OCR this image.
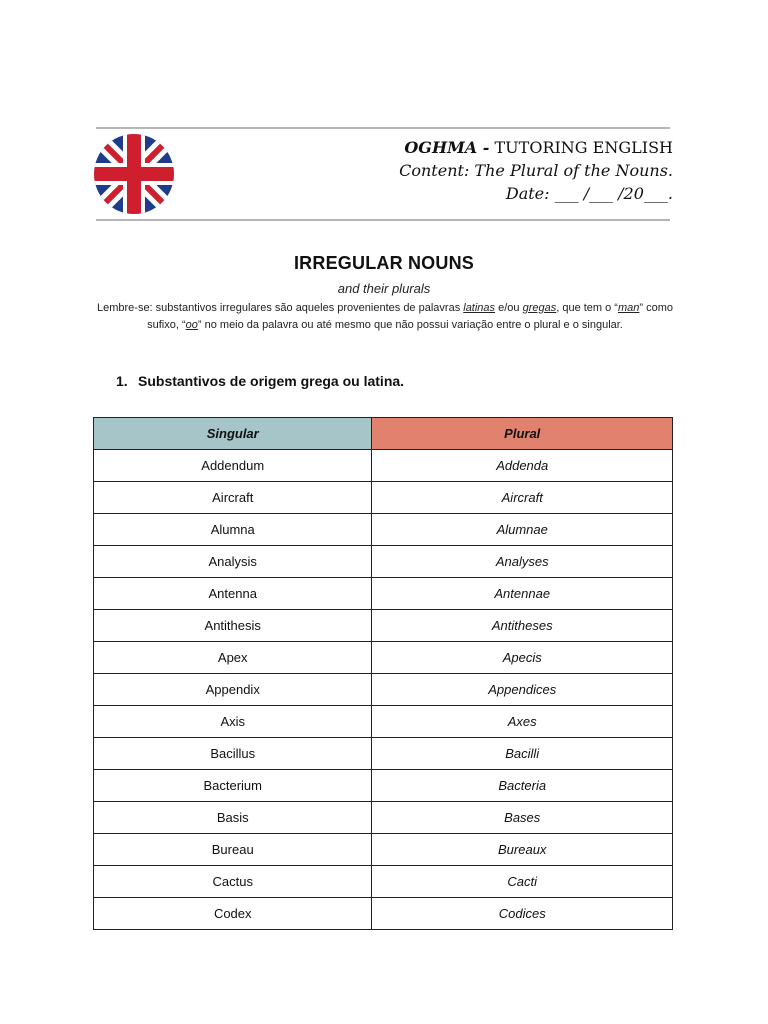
OGHMA - TUTORING ENGLISH
Content: The Plural of the Nouns.
Date: ___ /___ /20___.
IRREGULAR NOUNS
and their plurals
Lembre-se: substantivos irregulares são aqueles provenientes de palavras latinas e/ou gregas, que tem o “man” como sufixo, “oo” no meio da palavra ou até mesmo que não possui variação entre o plural e o singular.
1. Substantivos de origem grega ou latina.
Singular	Plural
Addendum	Addenda
Aircraft	Aircraft
Alumna	Alumnae
Analysis	Analyses
Antenna	Antennae
Antithesis	Antitheses
Apex	Apecis
Appendix	Appendices
Axis	Axes
Bacillus	Bacilli
Bacterium	Bacteria
Basis	Bases
Bureau	Bureaux
Cactus	Cacti
Codex	Codices
